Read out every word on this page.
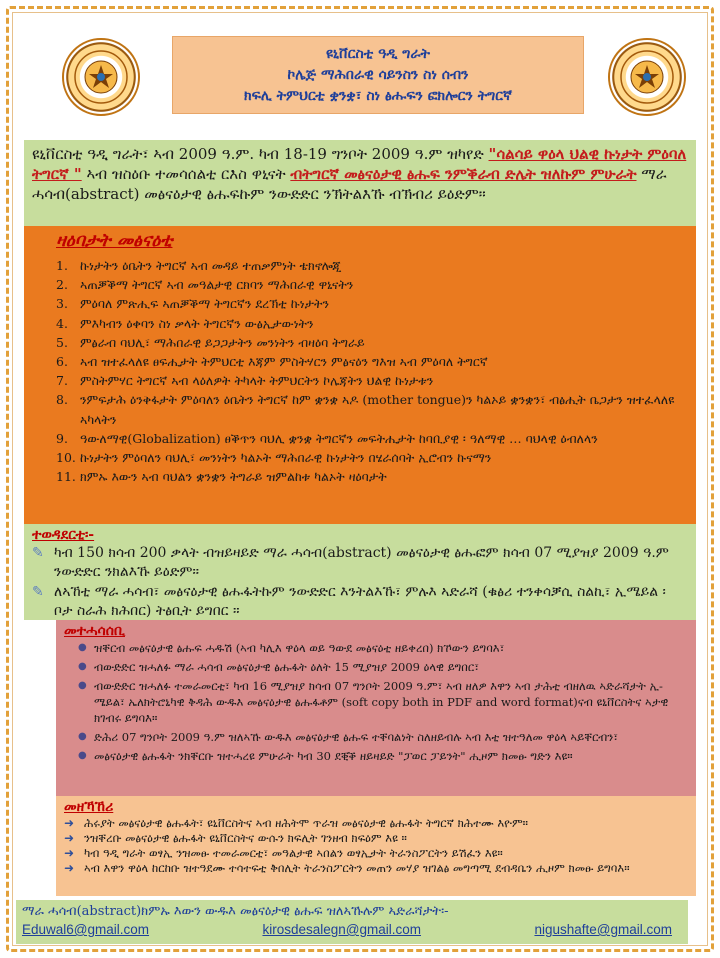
ዩኒቨርስቲ ዓዲ ግራት
ኮሌጅ ማሕበራዊ ሳይንስን ስነ ሰብን
ክፍሊ ትምህርቲ ቋንቋ፣ ስነ ፅሑፍን ፎክሎርን ትግርኛ
ዩኒቨርስቲ ዓዲ ግራት፣ ኣብ 2009 ዓ.ም. ካብ 18-19 ግንቦት 2009 ዓ.ም ዝካየድ "ሳልሳይ ዋዕላ ህልዊ ኩነታት ምዕባለ ትግርኛ " ኣብ ዝስዕቡ ተመሳሰልቲ ርእስ ዋኒናት ብትግርኛ መፅናዕታዊ ፅሑፍ ንምቕራብ ድሌት ዝለኩም ምሁራት ማራ ሓሳብ(abstract) መፅናዕታዊ ፅሑፍኩም ንውድድር ንኽትልእኹ ብኽብሪ ይዕድም።
ዛዕባታት መፅናዕቲ
1. ኩነታትን ዕቤትን ትግርኛ ኣብ መዳይ ተጠቃምነት ቴክኖሎጂ
2. ኣጠቓቕማ ትግርኛ ኣብ መዓልታዊ ርክባን ማሕበራዊ ዋኒናትን
3. ምዕባለ ምጽሒፍ ኣጠቓቕማ ትግርኛን ደረኽቲ ኩነታትን
4. ምእካብን ዕቀባን ስነ ቃላት ትግርኛን ውፅኢታውነትን
5. ምፅራብ ባህሊ፣ ማሕበራዊ ይጋጋታትን መንነትን ብዛዕባ ትግራይ
6. ኣብ ዝተፈላለዩ ፀፍሒታት ትምህርቲ እጃም ምስትሃርን ምፅናዕን ግእዝ ኣብ ምዕባለ ትግርኛ
7. ምስትምሃር ትግርኛ ኣብ ላዕለዎት ትካላት ትምህርትን ኮሌጃትን ህልዊ ኩነታቱን
8. ንምፍታሕ ዕንቅፋታት ምዕባለን ዕቤትን ትግርኛ ከም ቋንቋ ኣዶ (mother tongue)ን ካልኦይ ቋንቋን፣ ብፅሒት ቤጋታን ዝተፈላለዩ ኣካላትን
9. ዓውለማዊ(Globalization) ፀቕጥን ባህሊ ቋንቋ ትግርኛን መፍትሒታት ከባቢያዊ ፡ ዓለማዊ … ባህላዊ ዕብለላን
10. ኩነታትን ምዕባለን ባህሊ፣ መንነትን ካልኦት ማሕበራዊ ኩነታትን በሄራሰባት ኢሮብን ኩናማን
11. ክምኡ እውን ኣብ ባህልን ቋንቋን ትግራይ ዝምልከቱ ካልኦት ዛዕባታት
ተወዳደርቲ፡-
✎ ካብ 150 ክሳብ 200 ቃላት ብዝይዛይድ ማራ ሓሳብ(abstract) መፅናዕታዊ ፅሑፎም ክሳብ 07 ሚያዝያ 2009 ዓ.ም ንውድድር ንክልእኹ ይዕድም።
✎ ለኣኸቲ ማራ ሓሳብ፣ መፅናዕታዊ ፅሑፋትኩም ንውድድር እንትልእኹ፣ ምሉእ ኣድራሻ (ቁፅሪ ተንቀሳቓሲ ስልኪ፣ ኢሜይል ፡ ቦታ ስራሕ ክሕበር) ትፅቢት ይግበር ።
መተሓሳሰቢ
● ዝቐርብ መፅናዕታዊ ፅሑፍ ሓዱሽ (ኣብ ካሊእ ዋዕላ ወይ ዓውደ መፅናዕቲ ዘይቀረበ) ክኾውን ይግባእ፣
● ብውድድር ዝሓለፉ ማራ ሓሳብ መፅናዕታዊ ፅሑፋት ዕለት 15 ሚያዝያ 2009 ዕላዊ ይግበር፣
● ብውድድር ዝሓለፉ ተመራመርቲ፣ ካብ 16 ሚያዝያ ክሳብ 07 ግንቦት 2009 ዓ.ም፣ ኣብ ዘለዎ እዋን ኣብ ታሕቲ ብዘለዉ ኣድራሻታት ኢ-ሜይል፣ ኤለክትሮኒካዊ ቅዳሕ ውዱእ መፅናዕታዊ ፅሑፋቶም (soft copy both in PDF and word format)ናብ ዩኒቨርስትና ኣታዊ ክገብሩ ይግባእ።
● ድሕሪ 07 ግንቦት 2009 ዓ.ም ዝለኣኹ ውዱእ መፅናዕታዊ ፅሑፍ ተቐባልነት ስለዘይብሉ ኣብ እቲ ዝተዓለመ ዋዕላ ኣይቐርብን፣
● መፅናዕታዊ ፅሑፋት ንክቐርቡ ዝተሓረዩ ምሁራት ካብ 30 ደቒቕ ዘይዛይድ "ፓወር ፓይንት" ሒዞም ክመፁ ግድን እዩ።
መዘኻኸሪ
➜ ሕሩያት መፅናዕታዊ ፅሑፋት፣ ዩኒቨርስትና ኣብ ዘሕትሞ ጥራዝ መፅናዕታዊ ፅሑፋት ትግርኛ ክሕተሙ እዮም።
➜ ንዝቐረቡ መፅናዕታዊ ፅሑፋት ዩኒቨርስትና ውሱን ክፍሊት ገንዘብ ክፍዕም እዩ ።
➜ ካብ ዓዲ ግራት ወፃኢ ንዝመፁ ተመራመርቲ፣ መዓልታዊ ኣበልን ወፃኢታት ትራንስፖርትን ይሽፈን እዩ።
➜ ኣብ እዋን ዋዕላ ከርከቡ ዝተዓደሙ ተሳተፍቲ ቅበሊት ትራንስፖርትን መጠን መሃያ ዝገልፅ መግጣሚ ደብዳቤን ሒዞም ክመፁ ይግባእ።
ማራ ሓሳብ(abstract)ክምኡ እውን ውዱእ መፅናዕታዊ ፅሑፍ ዝለኣኹሉም ኣድራሻታት፡-
Eduwal6@gmail.com	kirosdesalegn@gmail.com	nigushafte@gmail.com
